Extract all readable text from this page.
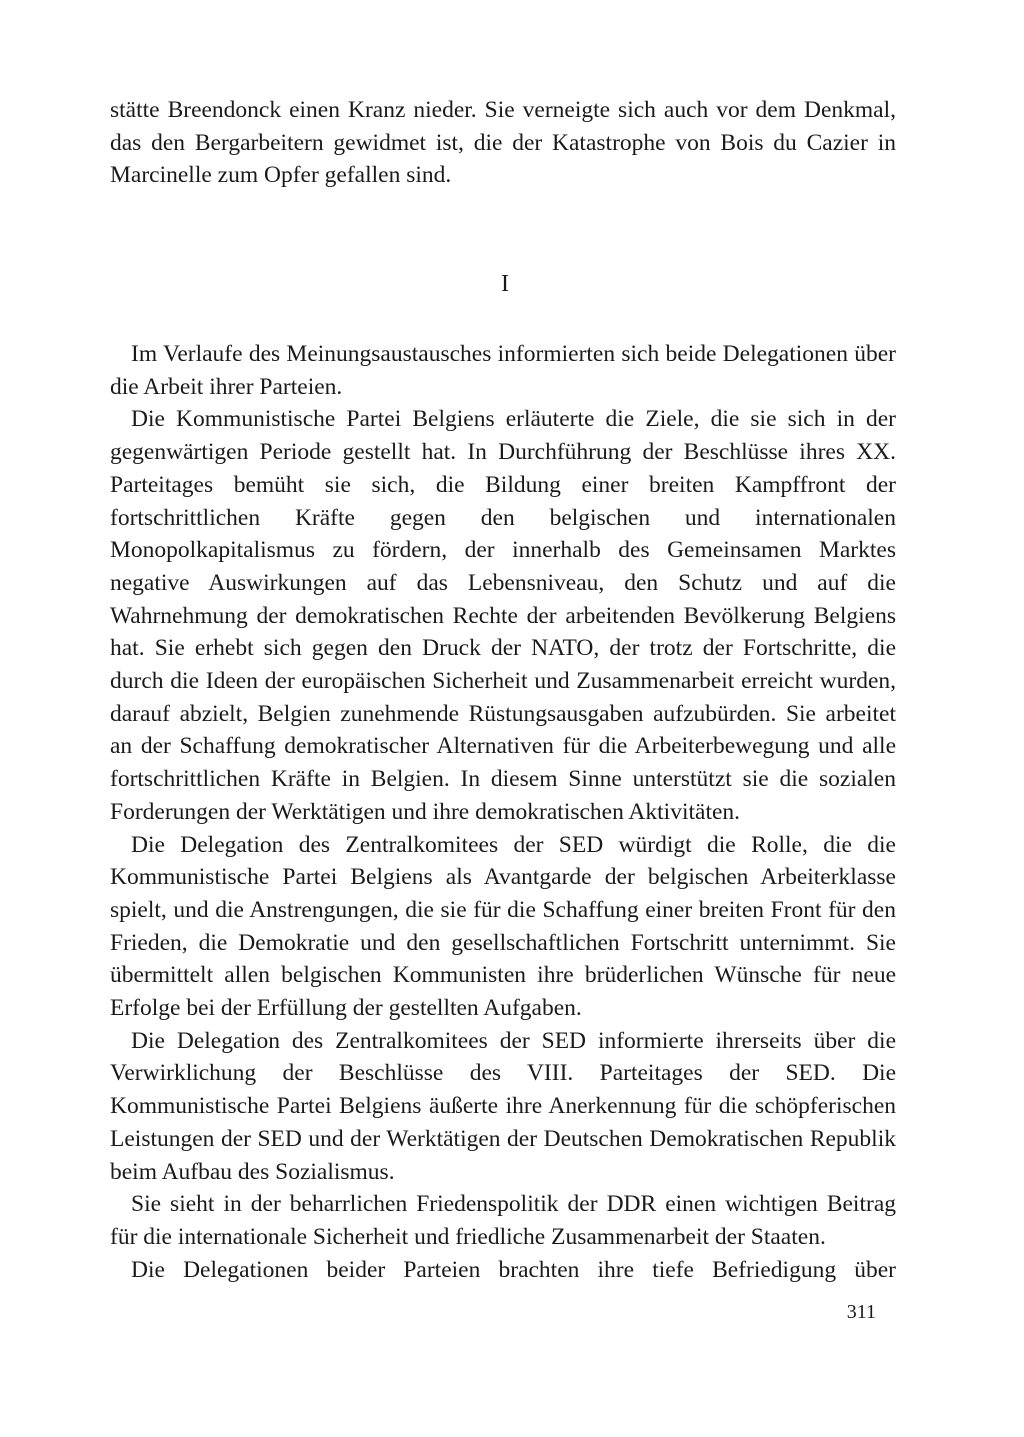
stätte Breendonck einen Kranz nieder. Sie verneigte sich auch vor dem Denkmal, das den Bergarbeitern gewidmet ist, die der Katastrophe von Bois du Cazier in Marcinelle zum Opfer gefallen sind.

I

Im Verlaufe des Meinungsaustausches informierten sich beide Delegationen über die Arbeit ihrer Parteien.

Die Kommunistische Partei Belgiens erläuterte die Ziele, die sie sich in der gegenwärtigen Periode gestellt hat. In Durchführung der Beschlüsse ihres XX. Parteitages bemüht sie sich, die Bildung einer breiten Kampffront der fortschrittlichen Kräfte gegen den belgischen und internationalen Monopolkapitalismus zu fördern, der innerhalb des Gemeinsamen Marktes negative Auswirkungen auf das Lebensniveau, den Schutz und auf die Wahrnehmung der demokratischen Rechte der arbeitenden Bevölkerung Belgiens hat. Sie erhebt sich gegen den Druck der NATO, der trotz der Fortschritte, die durch die Ideen der europäischen Sicherheit und Zusammenarbeit erreicht wurden, darauf abzielt, Belgien zunehmende Rüstungsausgaben aufzubürden. Sie arbeitet an der Schaffung demokratischer Alternativen für die Arbeiterbewegung und alle fortschrittlichen Kräfte in Belgien. In diesem Sinne unterstützt sie die sozialen Forderungen der Werktätigen und ihre demokratischen Aktivitäten.

Die Delegation des Zentralkomitees der SED würdigt die Rolle, die die Kommunistische Partei Belgiens als Avantgarde der belgischen Arbeiterklasse spielt, und die Anstrengungen, die sie für die Schaffung einer breiten Front für den Frieden, die Demokratie und den gesellschaftlichen Fortschritt unternimmt. Sie übermittelt allen belgischen Kommunisten ihre brüderlichen Wünsche für neue Erfolge bei der Erfüllung der gestellten Aufgaben.

Die Delegation des Zentralkomitees der SED informierte ihrerseits über die Verwirklichung der Beschlüsse des VIII. Parteitages der SED. Die Kommunistische Partei Belgiens äußerte ihre Anerkennung für die schöpferischen Leistungen der SED und der Werktätigen der Deutschen Demokratischen Republik beim Aufbau des Sozialismus.

Sie sieht in der beharrlichen Friedenspolitik der DDR einen wichtigen Beitrag für die internationale Sicherheit und friedliche Zusammenarbeit der Staaten.

Die Delegationen beider Parteien brachten ihre tiefe Befriedigung über

311
